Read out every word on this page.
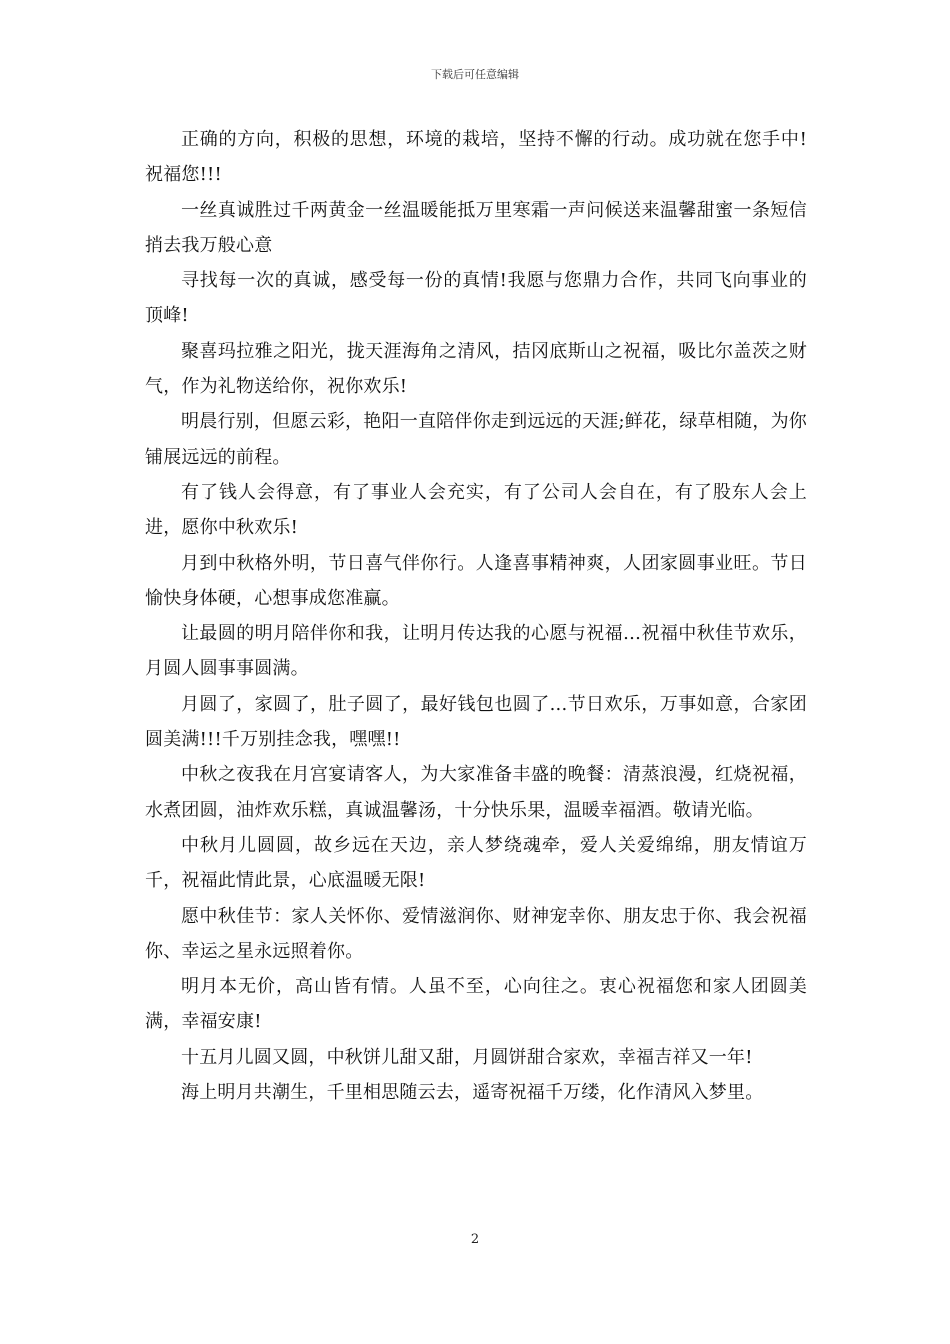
下载后可任意编辑

正确的方向，积极的思想，环境的栽培，坚持不懈的行动。成功就在您手中!祝福您!!!

一丝真诚胜过千两黄金一丝温暖能抵万里寒霜一声问候送来温馨甜蜜一条短信捎去我万般心意

寻找每一次的真诚，感受每一份的真情!我愿与您鼎力合作，共同飞向事业的顶峰!

聚喜玛拉雅之阳光，拢天涯海角之清风，拮冈底斯山之祝福，吸比尔盖茨之财气，作为礼物送给你，祝你欢乐!

明晨行别，但愿云彩，艳阳一直陪伴你走到远远的天涯;鲜花，绿草相随，为你铺展远远的前程。

有了钱人会得意，有了事业人会充实，有了公司人会自在，有了股东人会上进，愿你中秋欢乐!

月到中秋格外明，节日喜气伴你行。人逢喜事精神爽，人团家圆事业旺。节日愉快身体硬，心想事成您准赢。

让最圆的明月陪伴你和我，让明月传达我的心愿与祝福…祝福中秋佳节欢乐，月圆人圆事事圆满。

月圆了，家圆了，肚子圆了，最好钱包也圆了...节日欢乐，万事如意，合家团圆美满!!!千万别挂念我，嘿嘿!!

中秋之夜我在月宫宴请客人，为大家准备丰盛的晚餐：清蒸浪漫，红烧祝福，水煮团圆，油炸欢乐糕，真诚温馨汤，十分快乐果，温暖幸福酒。敬请光临。

中秋月儿圆圆，故乡远在天边，亲人梦绕魂牵，爱人关爱绵绵，朋友情谊万千，祝福此情此景，心底温暖无限!

愿中秋佳节：家人关怀你、爱情滋润你、财神宠幸你、朋友忠于你、我会祝福你、幸运之星永远照着你。

明月本无价，高山皆有情。人虽不至，心向往之。衷心祝福您和家人团圆美满，幸福安康!

十五月儿圆又圆，中秋饼儿甜又甜，月圆饼甜合家欢，幸福吉祥又一年!

海上明月共潮生，千里相思随云去，遥寄祝福千万缕，化作清风入梦里。

2
